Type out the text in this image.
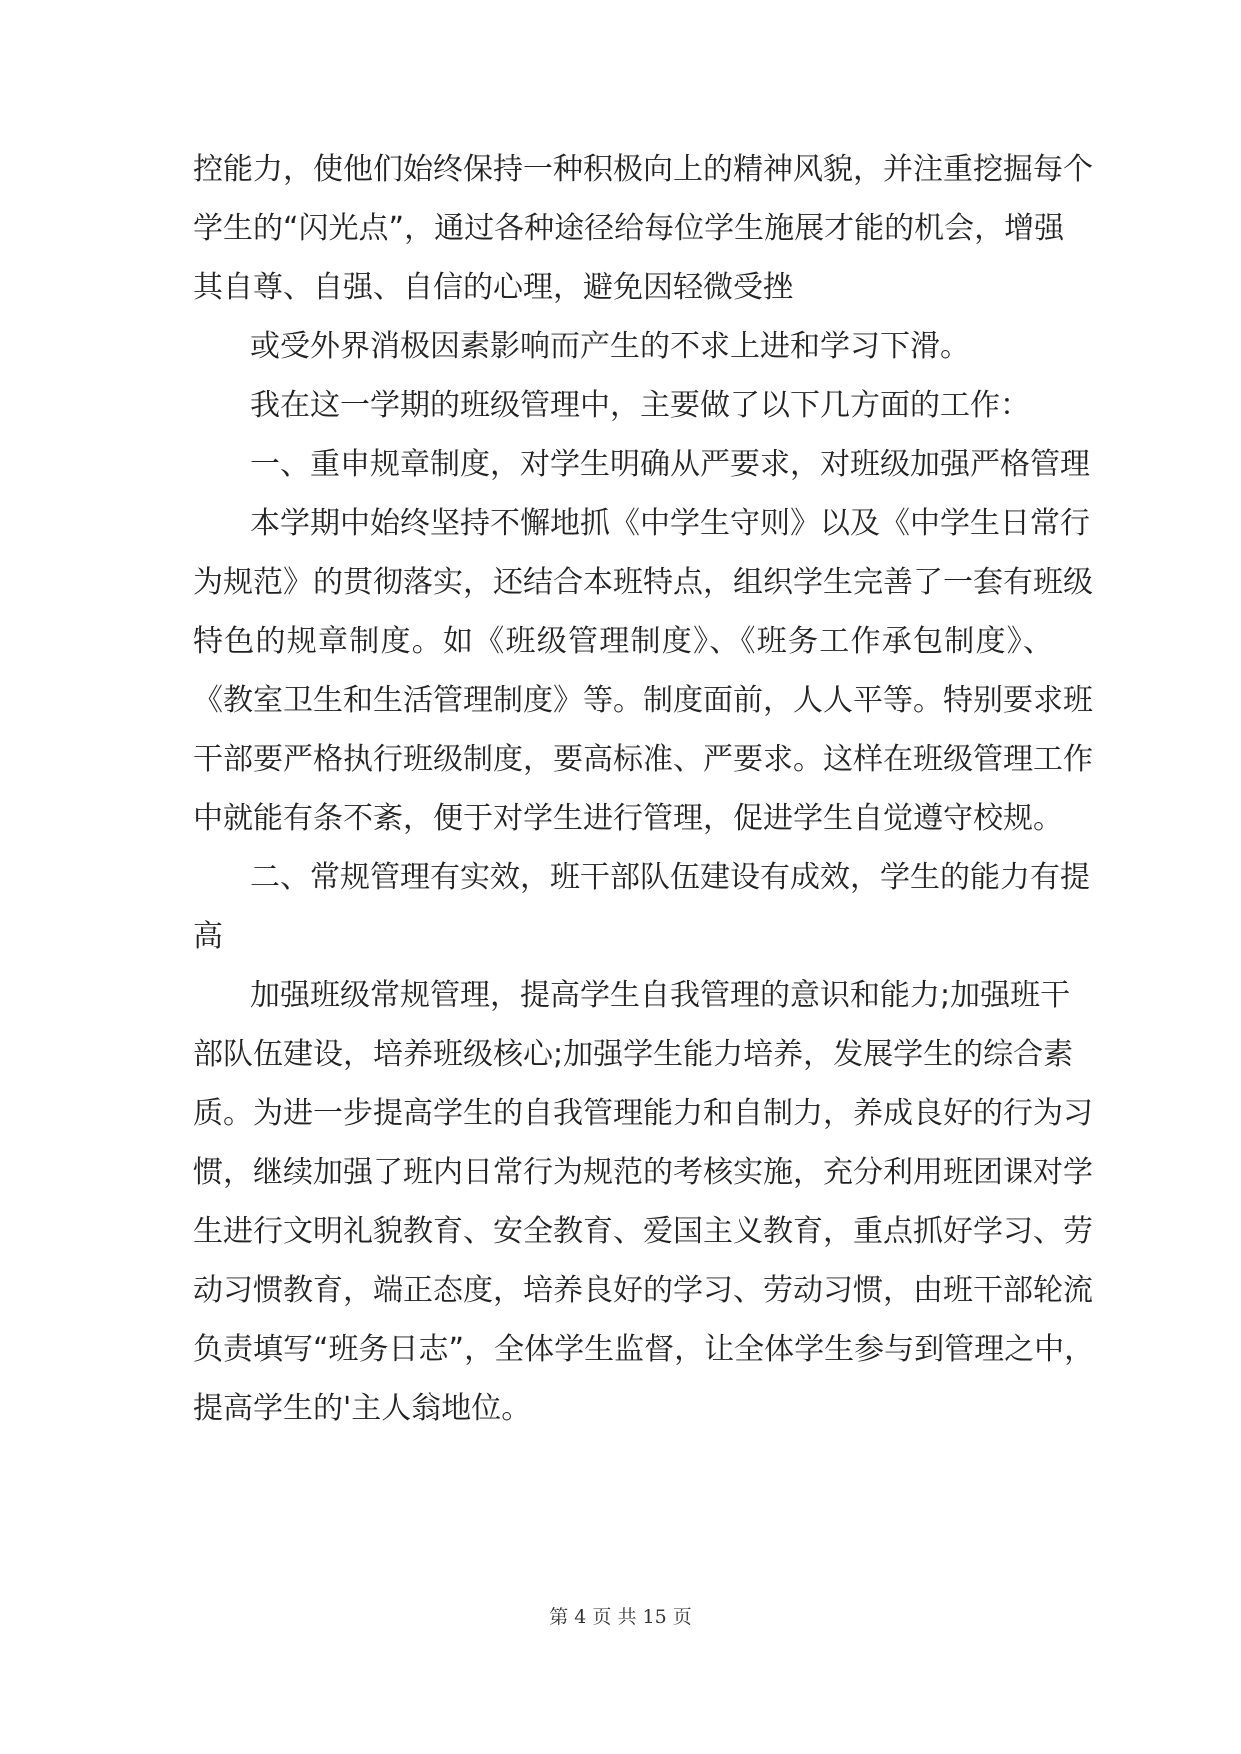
控能力，使他们始终保持一种积极向上的精神风貌，并注重挖掘每个
学生的“闪光点”，通过各种途径给每位学生施展才能的机会，增强
其自尊、自强、自信的心理，避免因轻微受挫
或受外界消极因素影响而产生的不求上进和学习下滑。
我在这一学期的班级管理中，主要做了以下几方面的工作：
一、重申规章制度，对学生明确从严要求，对班级加强严格管理
本学期中始终坚持不懈地抓《中学生守则》以及《中学生日常行
为规范》的贯彻落实，还结合本班特点，组织学生完善了一套有班级
特色的规章制度。如《班级管理制度》、《班务工作承包制度》、
《教室卫生和生活管理制度》等。制度面前，人人平等。特别要求班
干部要严格执行班级制度，要高标准、严要求。这样在班级管理工作
中就能有条不紊，便于对学生进行管理，促进学生自觉遵守校规。
二、常规管理有实效，班干部队伍建设有成效，学生的能力有提
高
加强班级常规管理，提高学生自我管理的意识和能力;加强班干
部队伍建设，培养班级核心;加强学生能力培养，发展学生的综合素
质。为进一步提高学生的自我管理能力和自制力，养成良好的行为习
惯，继续加强了班内日常行为规范的考核实施，充分利用班团课对学
生进行文明礼貌教育、安全教育、爱国主义教育，重点抓好学习、劳
动习惯教育，端正态度，培养良好的学习、劳动习惯，由班干部轮流
负责填写“班务日志”，全体学生监督，让全体学生参与到管理之中，
提高学生的'主人翁地位。
第 4 页 共 15 页
